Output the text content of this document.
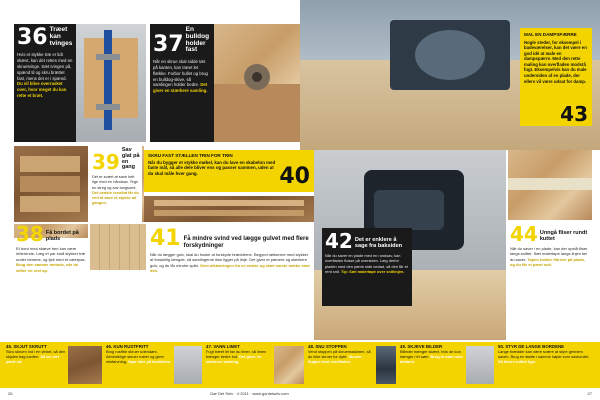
36 Træet kan tvinges
Hvis et stykke træ er lidt skævt, kan det rettes med en skruetvinge. Sæt tvingen på, spænd til og skru brættet fast, mens det er i spænd. Du vil blive overrasket over, hvor meget du kan rette et bræt.
37
En bulldog holder fast
Når en skrue skal sidde tæt på kanten, kan træet let flække. Forbor hullet og brug en bulldog-skive, så samlingen holder bedre. Det giver en stærkere samling.
MAL EN DAMPSPÆRRE
Nogle steder, for eksempel i badeværelser, kan det være en god idé at male en dampspærre. Med den rette maling kan overfladen modstå fugt. Eksempelvis kan du male undersiden af en plade, der ellers vil være udsat for damp.
43
39
Sav glat på en gang
Det er svært at save helt lige med en håndsav. Tegn en streg og sav langsomt. Det bedste resultat får du ved at save et stykke ad gangen.
SKRU FAST STÆLLEN TRIN FOR TRIN
Når du bygger et stykke møbel, kan du lave en skabelon med faste mål, så alle dele bliver ens og passer sammen, uden at du skal måle hver gang.	40
42 Det er enklere å sage fra baksiden
Når du saver en plade med en rundsav, kan overfladen flosse på oversiden. Læg derfor pladen med den pæne side nedad, så den får et rent snit. Tip: Sæt malertape over snitlinjen.
44 Unngå fliser rundt kuttet
Når du saver i en plade, kan der opstå fliser langs snittet. Sæt malertape langs linjen før du saver. Tapen holder fibrene på plads, og du får et pænt snit.
38 Få bordet på plads
Et bord med skæve ben kan være irriterende. Læg et par små stykker træ under benene, og tjek med et vaterpas. Brug den samme metode, når du stiller en reol op.
41 Få mindre svind ved lægge gulvet med flere forskydninger
Når du lægger gulv, skal du huske at forskyde brædderne. Begynd rækkerne med stykker af forskellig længde, så samlingerne ikke ligger på linje. Det giver et pænere og stærkere gulv, og du får mindre spild. Gem afskæringen fra en række og start næste række med den.
45. SKJUT SKRUTT
Skru skruen ind i en vinkel, så den skjules bag kanten. Så ser det pænt ud.
46. KUN RUSTFRITT
Brug rustfrie skruer udendørs. Almindelige skruer ruster og giver misfarvning. Spar ikke på kvaliteten.
47. VANN LIMET
Fugt træet let før du limer, så limen trænger bedre ind. Det giver en stærkere samling.
48. SNU STOPPEN
Vend stoppen på skruemaskinen, så du ikke skruer for dybt. Skruen flugter med overfladen.
49. SKJEVE BILDER
Billeder hænger skævt, hvis de kun hænger i ét søm. Brug to søm med afstand.
50. STYR DE LANGE BORDENE
Lange brædder kan være svære at styre gennem saven. Brug en støtte i samme højde som savbordet. Så bliver snittet lige.
26	Gør Det Selv · 4·2011 · www.gordetselv.com	27
